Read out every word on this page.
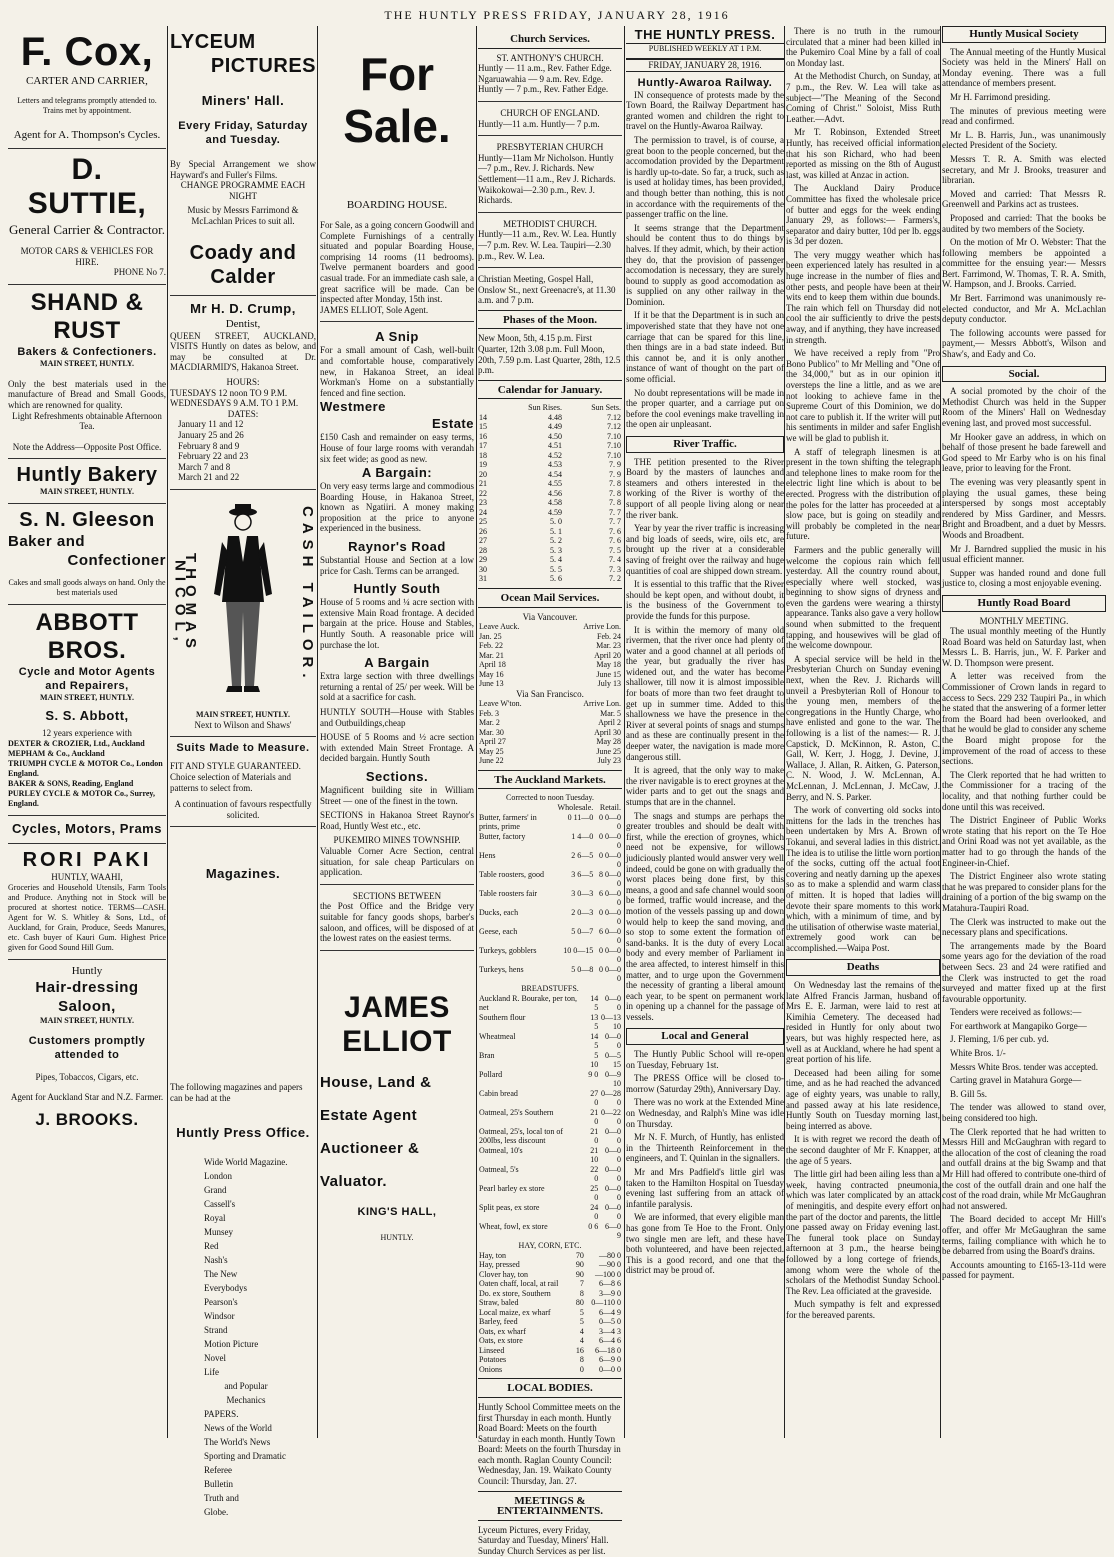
THE HUNTLY PRESS FRIDAY, JANUARY 28, 1916
F. Cox,
CARTER AND CARRIER,
Letters and telegrams promptly attended to. Trains met by appointment.
Agent for A. Thompson's Cycles.
D. SUTTIE,
General Carrier & Contractor.
MOTOR CARS & VEHICLES FOR HIRE.
PHONE No 7.
SHAND & RUST
Bakers & Confectioners.
MAIN STREET, HUNTLY.
Only the best materials used in the manufacture of Bread and Small Goods, which are renowned for quality.
Light Refreshments obtainable Afternoon Tea.
Note the Address—Opposite Post Office.
Huntly Bakery
MAIN STREET, HUNTLY.
S. N. Gleeson
Baker and
Confectioner
Cakes and small goods always on hand. Only the best materials used
ABBOTT BROS.
Cycle and Motor Agents and Repairers,
MAIN STREET, HUNTLY.
S. S. Abbott,
12 years experience with
DEXTER & CROZIER, Ltd., Auckland
MEPHAM & Co., Auckland
TRIUMPH CYCLE & MOTOR Co., London England.
BAKER & SONS, Reading, England
PURLEY CYCLE & MOTOR Co., Surrey, England.
Cycles, Motors, Prams
RORI PAKI
HUNTLY, WAAHI,
Groceries and Household Utensils, Farm Tools and Produce. Anything not in Stock will be procured at shortest notice. TERMS—CASH. Agent for W. S. Whitley & Sons, Ltd., of Auckland, for Grain, Produce, Seeds Manures, etc. Cash buyer of Kauri Gum. Highest Price given for Good Sound Hill Gum.
Huntly
Hair-dressing Saloon,
MAIN STREET, HUNTLY.
Customers promptly attended to
Pipes, Tobaccos, Cigars, etc.
Agent for Auckland Star and N.Z. Farmer.
J. BROOKS.
LYCEUM
PICTURES
Miners' Hall.
Every Friday, Saturday and Tuesday.
By Special Arrangement we show Hayward's and Fuller's Films.
CHANGE PROGRAMME EACH NIGHT
Music by Messrs Farrimond & McLachlan Prices to suit all.
Coady and Calder
Mr H. D. Crump,
Dentist,
QUEEN STREET, AUCKLAND, VISITS Huntly on dates as below, and may be consulted at Dr. MACDIARMID'S, Hakanoa Street.
HOURS:
TUESDAYS 12 noon TO 9 P.M. WEDNESDAYS 9 A.M. TO 1 P.M.
DATES:
January 11 and 12
January 25 and 26
February 8 and 9
February 22 and 23
March 7 and 8
March 21 and 22
THOMAS NICOL,	CASH TAILOR.
MAIN STREET, HUNTLY.
Next to Wilson and Shaws'
Suits Made to Measure.
FIT AND STYLE GUARANTEED. Choice selection of Materials and patterns to select from.
A continuation of favours respectfully solicited.
Magazines.
The following magazines and papers can be had at the
Huntly Press Office.
Wide World Magazine.
London
Grand
Cassell's
Royal
Munsey
Red
Nash's
The New
Everybodys
Pearson's
Windsor
Strand
Motion Picture
Novel
Life
and Popular Mechanics
PAPERS.
News of the World
The World's News
Sporting and Dramatic
Referee
Bulletin
Truth and
Globe.
For Sale.
BOARDING HOUSE.
For Sale, as a going concern Goodwill and Complete Furnishings of a centrally situated and popular Boarding House, comprising 14 rooms (11 bedrooms). Twelve permanent boarders and good casual trade. For an immediate cash sale, a great sacrifice will be made. Can be inspected after Monday, 15th inst.
JAMES ELLIOT, Sole Agent.
A Snip
For a small amount of Cash, well-built and comfortable house, comparatively new, in Hakanoa Street, an ideal Workman's Home on a substantially fenced and fine section.
Westmere
Estate
£150 Cash and remainder on easy terms, House of four large rooms with verandah six feet wide; as good as new.
A Bargain:
On very easy terms large and commodious Boarding House, in Hakanoa Street, known as Ngatiiri. A money making proposition at the price to anyone experienced in the business.
Raynor's Road
Substantial House and Section at a low price for Cash. Terms can be arranged.
Huntly South
House of 5 rooms and ¼ acre section with extensive Main Road frontage. A decided bargain at the price. House and Stables, Huntly South. A reasonable price will purchase the lot.
A Bargain
Extra large section with three dwellings returning a rental of 25/ per week. Will be sold at a sacrifice for cash.
HUNTLY SOUTH—House with Stables and Outbuildings,cheap
HOUSE of 5 Rooms and ½ acre section with extended Main Street Frontage. A decided bargain. Huntly South
Sections.
Magnificent building site in William Street — one of the finest in the town.
SECTIONS in Hakanoa Street Raynor's Road, Huntly West etc., etc.
PUKEMIRO MINES TOWNSHIP.
Valuable Corner Acre Section, central situation, for sale cheap Particulars on application.
SECTIONS BETWEEN
the Post Office and the Bridge very suitable for fancy goods shops, barber's saloon, and offices, will be disposed of at the lowest rates on the easiest terms.
JAMES ELLIOT
House, Land &
Estate Agent
Auctioneer &
Valuator.
KING'S HALL,
HUNTLY.
Church Services.
ST. ANTHONY'S CHURCH.
Huntly — 11 a.m., Rev. Father Edge. Ngaruawahia — 9 a.m. Rev. Edge. Huntly — 7 p.m., Rev. Father Edge.
CHURCH OF ENGLAND.
Huntly—11 a.m. Huntly— 7 p.m.
PRESBYTERIAN CHURCH
Huntly—11am Mr Nicholson. Huntly—7 p.m., Rev. J. Richards. New Settlement—11 a.m., Rev J. Richards. Waikokowai—2.30 p.m., Rev. J. Richards.
METHODIST CHURCH.
Huntly—11 a.m., Rev. W. Lea. Huntly—7 p.m. Rev. W. Lea. Taupiri—2.30 p.m., Rev. W. Lea.
Christian Meeting, Gospel Hall, Onslow St., next Greenacre's, at 11.30 a.m. and 7 p.m.
Phases of the Moon.
New Moon, 5th, 4.15 p.m. First Quarter, 12th 3.08 p.m. Full Moon, 20th, 7.59 p.m. Last Quarter, 28th, 12.5 p.m.
Calendar for January.
	Sun Rises.	Sun Sets.
14	4.48	7.12
15	4.49	7.12
16	4.50	7.10
17	4.51	7.10
18	4.52	7.10
19	4.53	7. 9
20	4.54	7. 9
21	4.55	7. 8
22	4.56	7. 8
23	4.58	7. 8
24	4.59	7. 7
25	5. 0	7. 7
26	5. 1	7. 6
27	5. 2	7. 6
28	5. 3	7. 5
29	5. 4	7. 4
30	5. 5	7. 3
31	5. 6	7. 2
Ocean Mail Services.
Via Vancouver.
Leave Auck.	Arrive Lon.
Jan. 25	Feb. 24
Feb. 22	Mar. 23
Mar. 21	April 20
April 18	May 18
May 16	June 15
June 13	July 13
Via San Francisco.
Leave W'ton.	Arrive Lon.
Feb. 3	Mar. 5
Mar. 2	April 2
Mar. 30	April 30
April 27	May 28
May 25	June 25
June 22	July 23
The Auckland Markets.
Corrected to noon Tuesday.
	Wholesale.	Retail.
Butter, farmers' in prints, prime	0 11—0	0 0—0 0
Butter, factory	1 4—0	0 0—0 0
Hens	2 6—5	0 0—0 0
Table roosters, good	3 6—5	8 0—0 0
Table roosters fair	3 0—3	6 0—0 0
Ducks, each	2 0—3	0 0—0 0
Geese, each	5 0—7	6 0—0 0
Turkeys, gobblers	10 0—15	0 0—0 0
Turkeys, hens	5 0—8	0 0—0 0
BREADSTUFFS.
Auckland R. Bourake, per ton, net	14 5	0—0 0
Southern flour	13 5	0—13 10
Wheatmeal	14 5	0—0 0
Bran	5 10	0—5 15
Pollard	9 0	0—9 10
Cabin bread	27 0	0—28 0
Oatmeal, 25's Southern	21 0	0—22 0
Oatmeal, 25's, local ton of 200lbs, less discount	21 0	0—0 0
Oatmeal, 10's	21 10	0—0 0
Oatmeal, 5's	22 0	0—0 0
Pearl barley ex store	25 0	0—0 0
Split peas, ex store	24 0	0—0 0
Wheat, fowl, ex store	0 6	6—0 9
HAY, CORN, ETC.
Hay, ton	70	—80 0
Hay, pressed	90	—90 0
Clover hay, ton	90	—100 0
Oaten chaff, local, at rail	7	6—8 6
Do. ex store, Southern	8	3—9 0
Straw, baled	80	0—110 0
Local maize, ex wharf	5	6—4 9
Barley, feed	5	0—5 0
Oats, ex wharf	4	3—4 3
Oats, ex store	4	6—4 6
Linseed	16	6—18 0
Potatoes	8	6—9 0
Onions	0	0—0 0
LOCAL BODIES.
Huntly School Committee meets on the first Thursday in each month. Huntly Road Board: Meets on the fourth Saturday in each month. Huntly Town Board: Meets on the fourth Thursday in each month. Raglan County Council: Wednesday, Jan. 19. Waikato County Council: Thursday, Jan. 27.
MEETINGS & ENTERTAINMENTS.
Lyceum Pictures, every Friday, Saturday and Tuesday, Miners' Hall. Sunday Church Services as per list.
THE HUNTLY PRESS.
PUBLISHED WEEKLY AT 1 P.M.
FRIDAY, JANUARY 28, 1916.
Huntly-Awaroa Railway.

IN consequence of protests made by the Town Board, the Railway Department has granted women and children the right to travel on the Huntly-Awaroa Railway.

The permission to travel, is of course, a great boon to the people concerned, but the accomodation provided by the Department is hardly up-to-date. So far, a truck, such as is used at holiday times, has been provided, and though better than nothing, this is not in accordance with the requirements of the passenger traffic on the line.

It seems strange that the Department should be content thus to do things by halves. If they admit, which, by their action they do, that the provision of passenger accomodation is necessary, they are surely bound to supply as good accomodation as is supplied on any other railway in the Dominion.

If it be that the Department is in such an impoverished state that they have not one carriage that can be spared for this line, then things are in a bad state indeed. But this cannot be, and it is only another instance of want of thought on the part of some official.

No doubt representations will be made in the proper quarter, and a carriage put on before the cool evenings make travelling in the open air unpleasant.

River Traffic.

THE petition presented to the River Board by the masters of launches and steamers and others interested in the working of the River is worthy of the support of all people living along or near the river bank.

Year by year the river traffic is increasing and big loads of seeds, wire, oils etc, are brought up the river at a considerable saving of freight over the railway and huge quantities of coal are shipped down stream.

It is essential to this traffic that the River should be kept open, and without doubt, it is the business of the Government to provide the funds for this purpose.

It is within the memory of many old rivermen, that the river once had plenty of water and a good channel at all periods of the year, but gradually the river has widened out, and the water has become shallower, till now it is almost impossible for boats of more than two feet draught to get up in summer time. Added to this shallowness we have the presence in the River at several points of snags and stumps and as these are continually present in the deeper water, the navigation is made more dangerous still.

It is agreed, that the only way to make the river navigable is to erect groynes at the wider parts and to get out the snags and stumps that are in the channel.

The snags and stumps are perhaps the greater troubles and should be dealt with first, while the erection of groynes, which need not be expensive, for willows judiciously planted would answer very well indeed, could be gone on with gradually the worst places being done first, by this means, a good and safe channel would soon be formed, traffic would increase, and the motion of the vessels passing up and down would help to keep the sand moving, and so stop to some extent the formation of sand-banks. It is the duty of every Local body and every member of Parliament in the area affected, to interest himself in this matter, and to urge upon the Government the necessity of granting a liberal amount each year, to be spent on permanent work in opening up a channel for the passage of vessels.

Local and General

The Huntly Public School will re-open on Tuesday, February 1st.

The PRESS Office will be closed to-morrow (Saturday 29th), Anniversary Day.

There was no work at the Extended Mine on Wednesday, and Ralph's Mine was idle on Thursday.

Mr N. F. Murch, of Huntly, has enlisted in the Thirteenth Reinforcement in the engineers, and T. Quinlan in the signallers.

Mr and Mrs Padfield's little girl was taken to the Hamilton Hospital on Tuesday evening last suffering from an attack of infantile paralysis.

We are informed, that every eligible man has gone from Te Hoe to the Front. Only two single men are left, and these have both volunteered, and have been rejected. This is a good record, and one that the district may be proud of.

There is no truth in the rumour circulated that a miner had been killed in the Pukemiro Coal Mine by a fall of coal on Monday last.

At the Methodist Church, on Sunday, at 7 p.m., the Rev. W. Lea will take as subject—"The Meaning of the Second Coming of Christ." Soloist, Miss Ruth Leather.—Advt.

Mr T. Robinson, Extended Street Huntly, has received official information that his son Richard, who had been reported as missing on the 8th of August last, was killed at Anzac in action.

The Auckland Dairy Produce Committee has fixed the wholesale price of butter and eggs for the week ending January 29, as follows:— Farmers's, separator and dairy butter, 10d per lb. eggs is 3d per dozen.

The very muggy weather which has been experienced lately has resulted in a huge increase in the number of flies and other pests, and people have been at their wits end to keep them within due bounds. The rain which fell on Thursday did not cool the air sufficiently to drive the pests away, and if anything, they have increased in strength.

We have received a reply from "Pro Bono Publico" to Mr Melling and "One of the 34,000," but as in our opinion it oversteps the line a little, and as we are not looking to achieve fame in the Supreme Court of this Dominion, we do not care to publish it. If the writer will put his sentiments in milder and safer English we will be glad to publish it.

A staff of telegraph linesmen is at present in the town shifting the telegraph and telephone lines to make room for the electric light line which is about to be erected. Progress with the distribution of the poles for the latter has proceeded at a slow pace, but is going on steadily and will probably be completed in the near future.

Farmers and the public generally will welcome the copious rain which fell yesterday. All the country round about, especially where well stocked, was beginning to show signs of dryness and even the gardens were wearing a thirsty appearance. Tanks also gave a very hollow sound when submitted to the frequent tapping, and housewives will be glad of the welcome downpour.

A special service will be held in the Presbyterian Church on Sunday evening next, when the Rev. J. Richards will unveil a Presbyterian Roll of Honour to the young men, members of the congregations in the Huntly Charge, who have enlisted and gone to the war. The following is a list of the names:— R. J. Capstick, D. McKinnon, R. Aston, C. Gall, W. Kerr, J. Hogg, J. Devine, J. Wallace, J. Allan, R. Aitken, G. Paterson, C. N. Wood, J. W. McLennan, A. McLennan, J. McLennan, J. McCaw, J. Berry, and N. S. Parker.

The work of converting old socks into mittens for the lads in the trenches has been undertaken by Mrs A. Brown of Tokanui, and several ladies in this district. The idea is to utilise the little worn portion of the socks, cutting off the actual foot covering and neatly darning up the apexes so as to make a splendid and warm class of mitten. It is hoped that ladies will devote their spare moments to this work which, with a minimum of time, and by the utilisation of otherwise waste material, extremely good work can be accomplished.—Waipa Post.

Deaths

On Wednesday last the remains of the late Alfred Francis Jarman, husband of Mrs E. E. Jarman, were laid to rest at Kimihia Cemetery. The deceased had resided in Huntly for only about two years, but was highly respected here, as well as at Auckland, where he had spent a great portion of his life.

Deceased had been ailing for some time, and as he had reached the advanced age of eighty years, was unable to rally, and passed away at his late residence, Huntly South on Tuesday morning last, being interred as above.

It is with regret we record the death of the second daughter of Mr F. Knapper, at the age of 5 years.

The little girl had been ailing less than a week, having contracted pneumonia, which was later complicated by an attack of meningitis, and despite every effort on the part of the doctor and parents, the little one passed away on Friday evening last. The funeral took place on Sunday afternoon at 3 p.m., the hearse being followed by a long cortege of friends, among whom were the whole of the scholars of the Methodist Sunday School. The Rev. Lea officiated at the graveside.

Much sympathy is felt and expressed for the bereaved parents.

Huntly Musical Society

The Annual meeting of the Huntly Musical Society was held in the Miners' Hall on Monday evening. There was a full attendance of members present.

Mr H. Farrimond presiding.

The minutes of previous meeting were read and confirmed.

Mr L. B. Harris, Jun., was unanimously elected President of the Society.

Messrs T. R. A. Smith was elected secretary, and Mr J. Brooks, treasurer and librarian.

Moved and carried: That Messrs R. Greenwell and Parkins act as trustees.

Proposed and carried: That the books be audited by two members of the Society.

On the motion of Mr O. Webster: That the following members be appointed a committee for the ensuing year:— Messrs Bert. Farrimond, W. Thomas, T. R. A. Smith, W. Hampson, and J. Brooks. Carried.

Mr Bert. Farrimond was unanimously re-elected conductor, and Mr A. McLachlan deputy conductor.

The following accounts were passed for payment,— Messrs Abbott's, Wilson and Shaw's, and Eady and Co.

Social.

A social promoted by the choir of the Methodist Church was held in the Supper Room of the Miners' Hall on Wednesday evening last, and proved most successful.

Mr Hooker gave an address, in which on behalf of those present he bade farewell and God speed to Mr Earby who is on his final leave, prior to leaving for the Front.

The evening was very pleasantly spent in playing the usual games, these being interspersed by songs most acceptably rendered by Miss Gardiner, and Messrs. Bright and Broadbent, and a duet by Messrs. Woods and Broadbent.

Mr J. Barndred supplied the music in his usual efficient manner.

Supper was handed round and done full justice to, closing a most enjoyable evening.

Huntly Road Board
MONTHLY MEETING.

The usual monthly meeting of the Huntly Road Board was held on Saturday last, when Messrs L. B. Harris, jun., W. F. Parker and W. D. Thompson were present.

A letter was received from the Commissioner of Crown lands in regard to access to Secs. 229 232 Taupiri Pa., in which he stated that the answering of a former letter from the Board had been overlooked, and that he would be glad to consider any scheme the Board might propose for the improvement of the road of access to these sections.

The Clerk reported that he had written to the Commissioner for a tracing of the locality, and that nothing further could be done until this was received.

The District Engineer of Public Works wrote stating that his report on the Te Hoe and Orini Road was not yet available, as the matter had to go through the hands of the Engineer-in-Chief.

The District Engineer also wrote stating that he was prepared to consider plans for the draining of a portion of the big swamp on the Matahura-Taupiri Road.

The Clerk was instructed to make out the necessary plans and specifications.

The arrangements made by the Board some years ago for the deviation of the road between Secs. 23 and 24 were ratified and the Clerk was instructed to get the road surveyed and matter fixed up at the first favourable opportunity.

Tenders were received as follows:—

For earthwork at Mangapiko Gorge—

J. Fleming, 1/6 per cub. yd.

White Bros. 1/-

Messrs White Bros. tender was accepted.

Carting gravel in Matahura Gorge—

B. Gill 5s.

The tender was allowed to stand over, being considered too high.

The Clerk reported that he had written to Messrs Hill and McGaughran with regard to the allocation of the cost of cleaning the road and outfall drains at the big Swamp and that Mr Hill had offered to contribute one-third of the cost of the outfall drain and one half the cost of the road drain, while Mr McGaughran had not answered.

The Board decided to accept Mr Hill's offer, and offer Mr McGaughran the same terms, failing compliance with which he to be debarred from using the Board's drains.

Accounts amounting to £165-13-11d were passed for payment.
